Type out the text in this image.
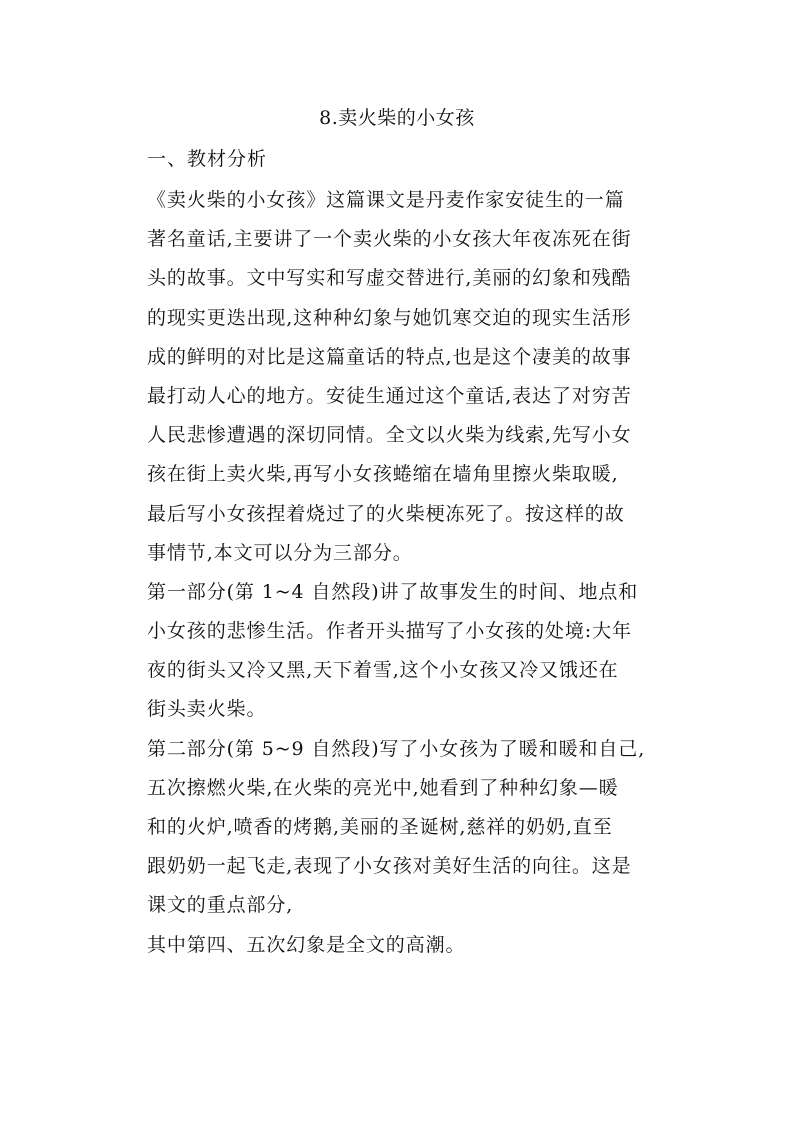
8.卖火柴的小女孩
一、教材分析
《卖火柴的小女孩》这篇课文是丹麦作家安徒生的一篇
著名童话,主要讲了一个卖火柴的小女孩大年夜冻死在街
头的故事。文中写实和写虚交替进行,美丽的幻象和残酷
的现实更迭出现,这种种幻象与她饥寒交迫的现实生活形
成的鲜明的对比是这篇童话的特点,也是这个凄美的故事
最打动人心的地方。安徒生通过这个童话,表达了对穷苦
人民悲惨遭遇的深切同情。全文以火柴为线索,先写小女
孩在街上卖火柴,再写小女孩蜷缩在墙角里擦火柴取暖,
最后写小女孩捏着烧过了的火柴梗冻死了。按这样的故
事情节,本文可以分为三部分。
第一部分(第 1~4 自然段)讲了故事发生的时间、地点和
小女孩的悲惨生活。作者开头描写了小女孩的处境:大年
夜的街头又冷又黑,天下着雪,这个小女孩又冷又饿还在
街头卖火柴。
第二部分(第 5~9 自然段)写了小女孩为了暖和暖和自己,
五次擦燃火柴,在火柴的亮光中,她看到了种种幻象—暖
和的火炉,喷香的烤鹅,美丽的圣诞树,慈祥的奶奶,直至
跟奶奶一起飞走,表现了小女孩对美好生活的向往。这是
课文的重点部分,
其中第四、五次幻象是全文的高潮。
